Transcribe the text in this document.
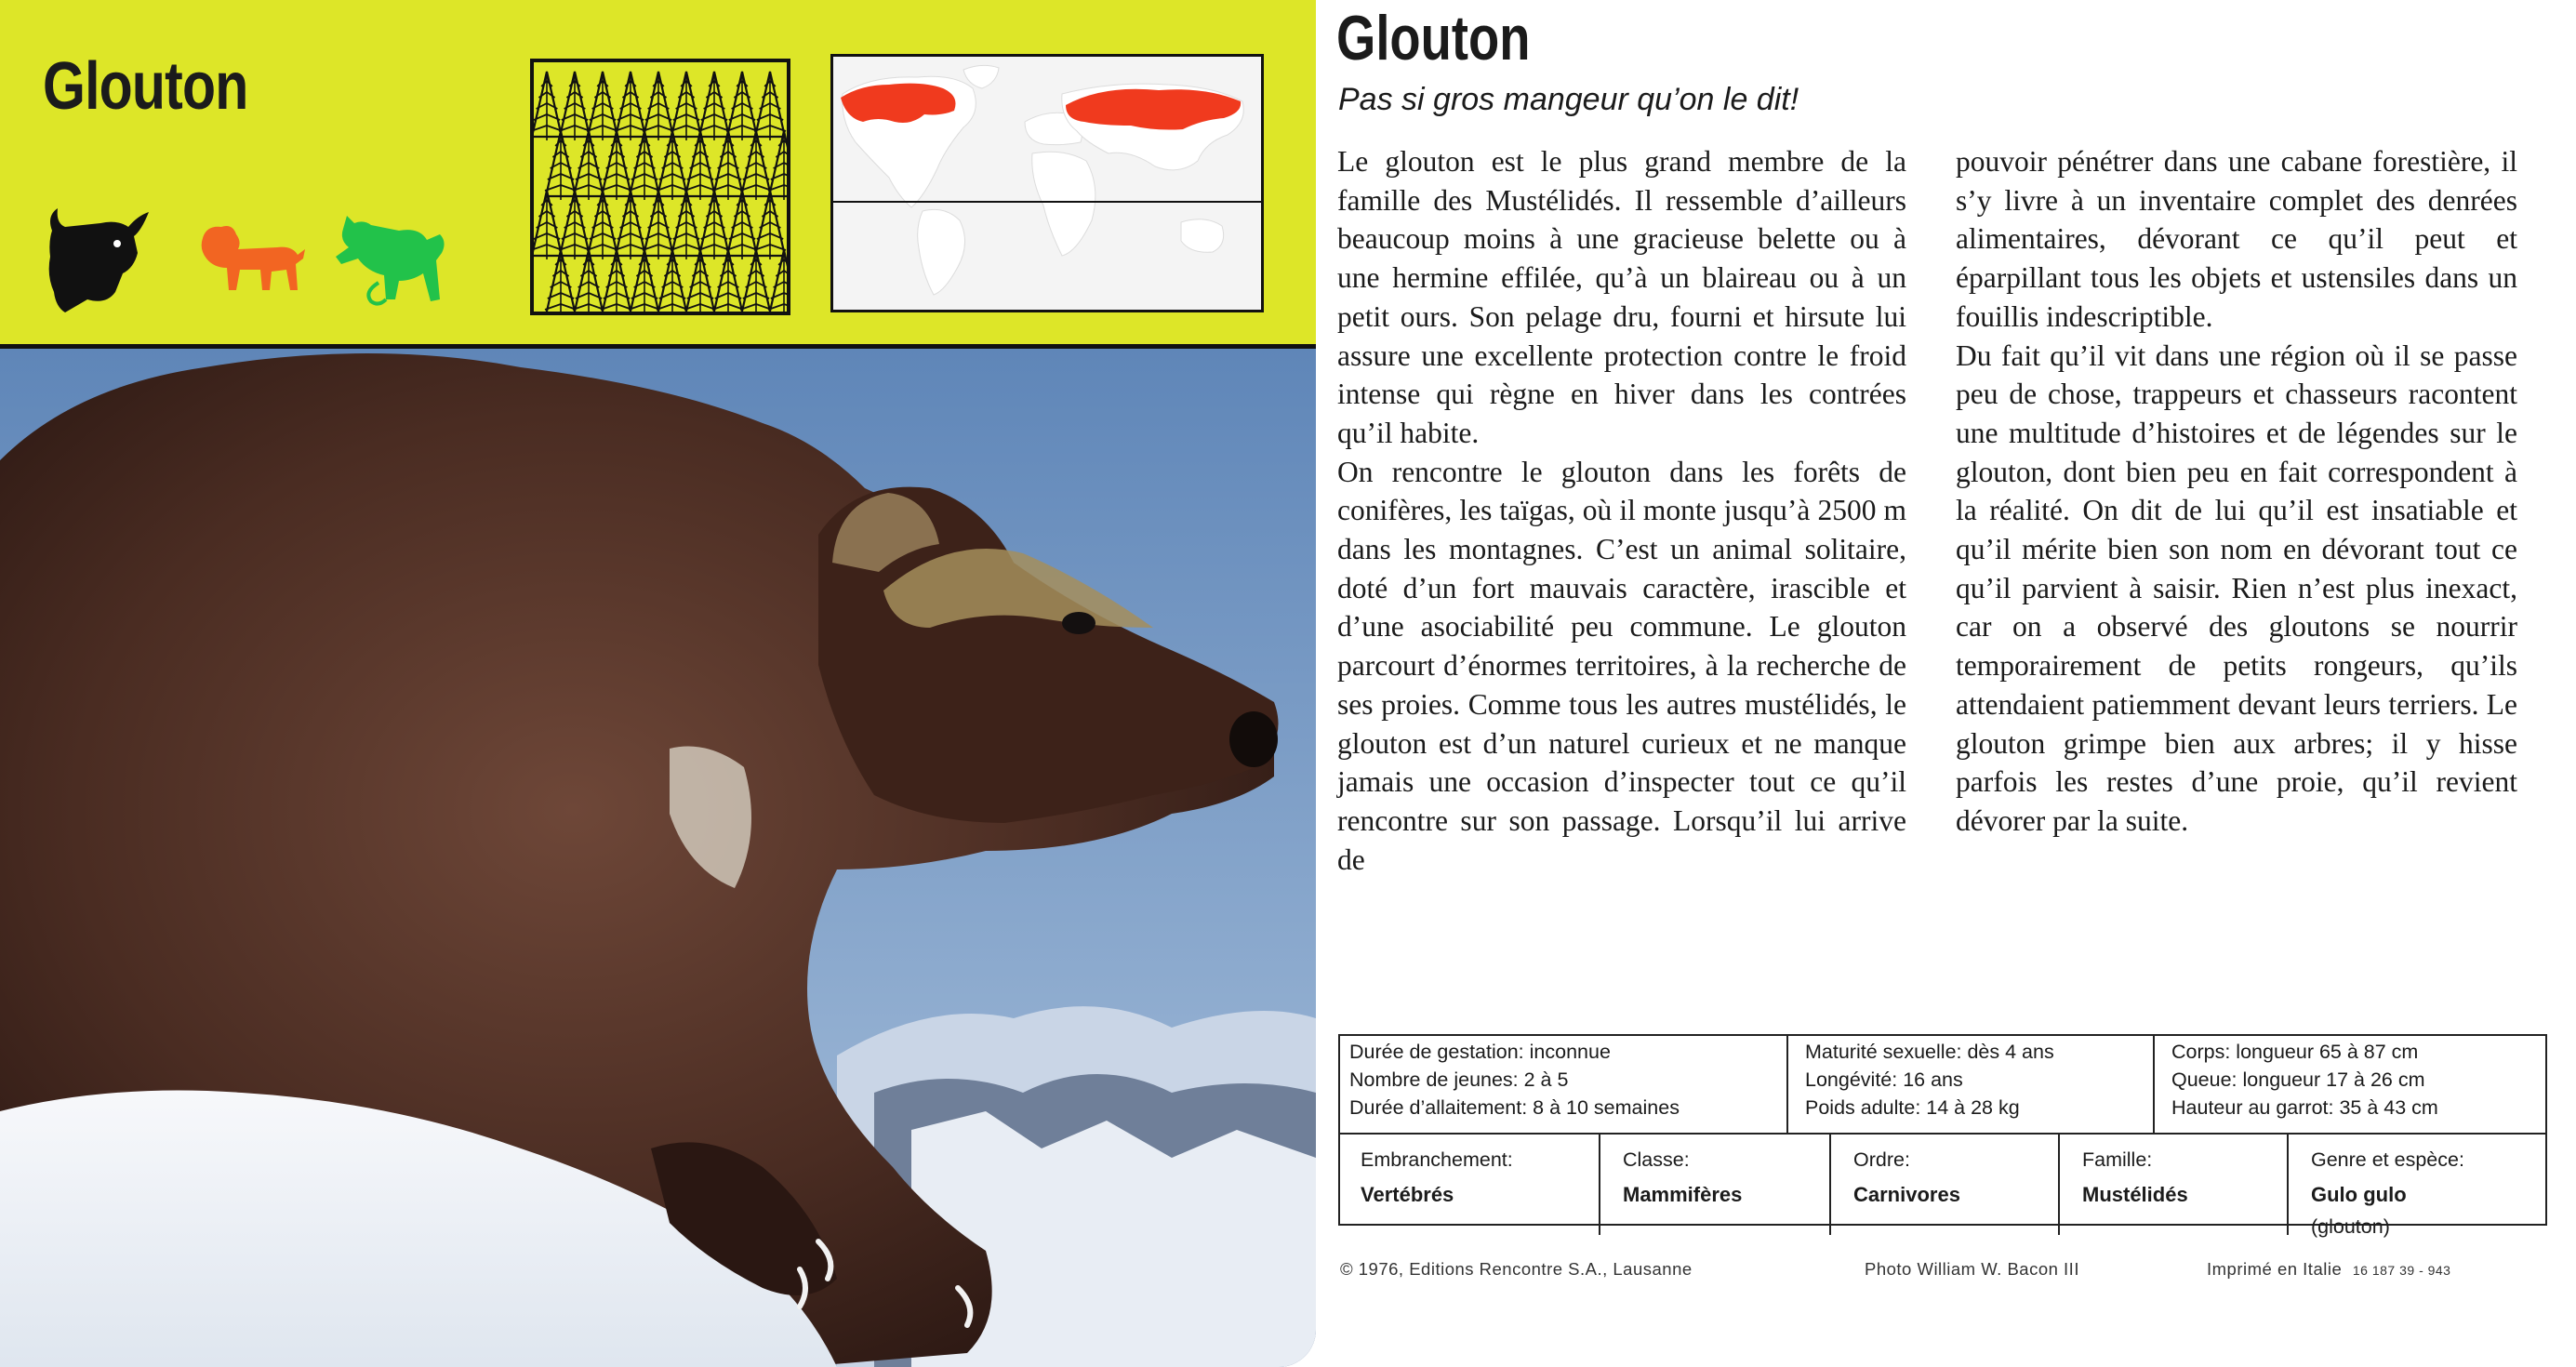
Glouton
Glouton
Pas si gros mangeur qu’on le dit!

Le glouton est le plus grand membre de la famille des Mustélidés. Il ressemble d’ailleurs beaucoup moins à une gracieuse belette ou à une hermine effilée, qu’à un blaireau ou à un petit ours. Son pelage dru, fourni et hirsute lui assure une excellente protection contre le froid intense qui règne en hiver dans les contrées qu’il habite.

On rencontre le glouton dans les forêts de conifères, les taïgas, où il monte jusqu’à 2500 m dans les montagnes. C’est un animal solitaire, doté d’un fort mauvais caractère, irascible et d’une asociabilité peu commune. Le glouton parcourt d’énormes territoires, à la recherche de ses proies. Comme tous les autres mustélidés, le glouton est d’un naturel curieux et ne manque jamais une occasion d’inspecter tout ce qu’il rencontre sur son passage. Lorsqu’il lui arrive de

pouvoir pénétrer dans une cabane forestière, il s’y livre à un inventaire complet des denrées alimentaires, dévorant ce qu’il peut et éparpillant tous les objets et ustensiles dans un fouillis indescriptible.

Du fait qu’il vit dans une région où il se passe peu de chose, trappeurs et chasseurs racontent une multitude d’histoires et de légendes sur le glouton, dont bien peu en fait correspondent à la réalité. On dit de lui qu’il est insatiable et qu’il mérite bien son nom en dévorant tout ce qu’il parvient à saisir. Rien n’est plus inexact, car on a observé des gloutons se nourrir temporairement de petits rongeurs, qu’ils attendaient patiemment devant leurs terriers. Le glouton grimpe bien aux arbres; il y hisse parfois les restes d’une proie, qu’il revient dévorer par la suite.

Durée de gestation: inconnue
Nombre de jeunes: 2 à 5
Durée d’allaitement: 8 à 10 semaines
Maturité sexuelle: dès 4 ans
Longévité: 16 ans
Poids adulte: 14 à 28 kg
Corps: longueur 65 à 87 cm
Queue: longueur 17 à 26 cm
Hauteur au garrot: 35 à 43 cm
Embranchement:
Vertébrés
Classe:
Mammifères
Ordre:
Carnivores
Famille:
Mustélidés
Genre et espèce:
Gulo gulo
(glouton)
© 1976, Editions Rencontre S.A., Lausanne	Photo William W. Bacon III	Imprimé en Italie 16 187 39 - 943
